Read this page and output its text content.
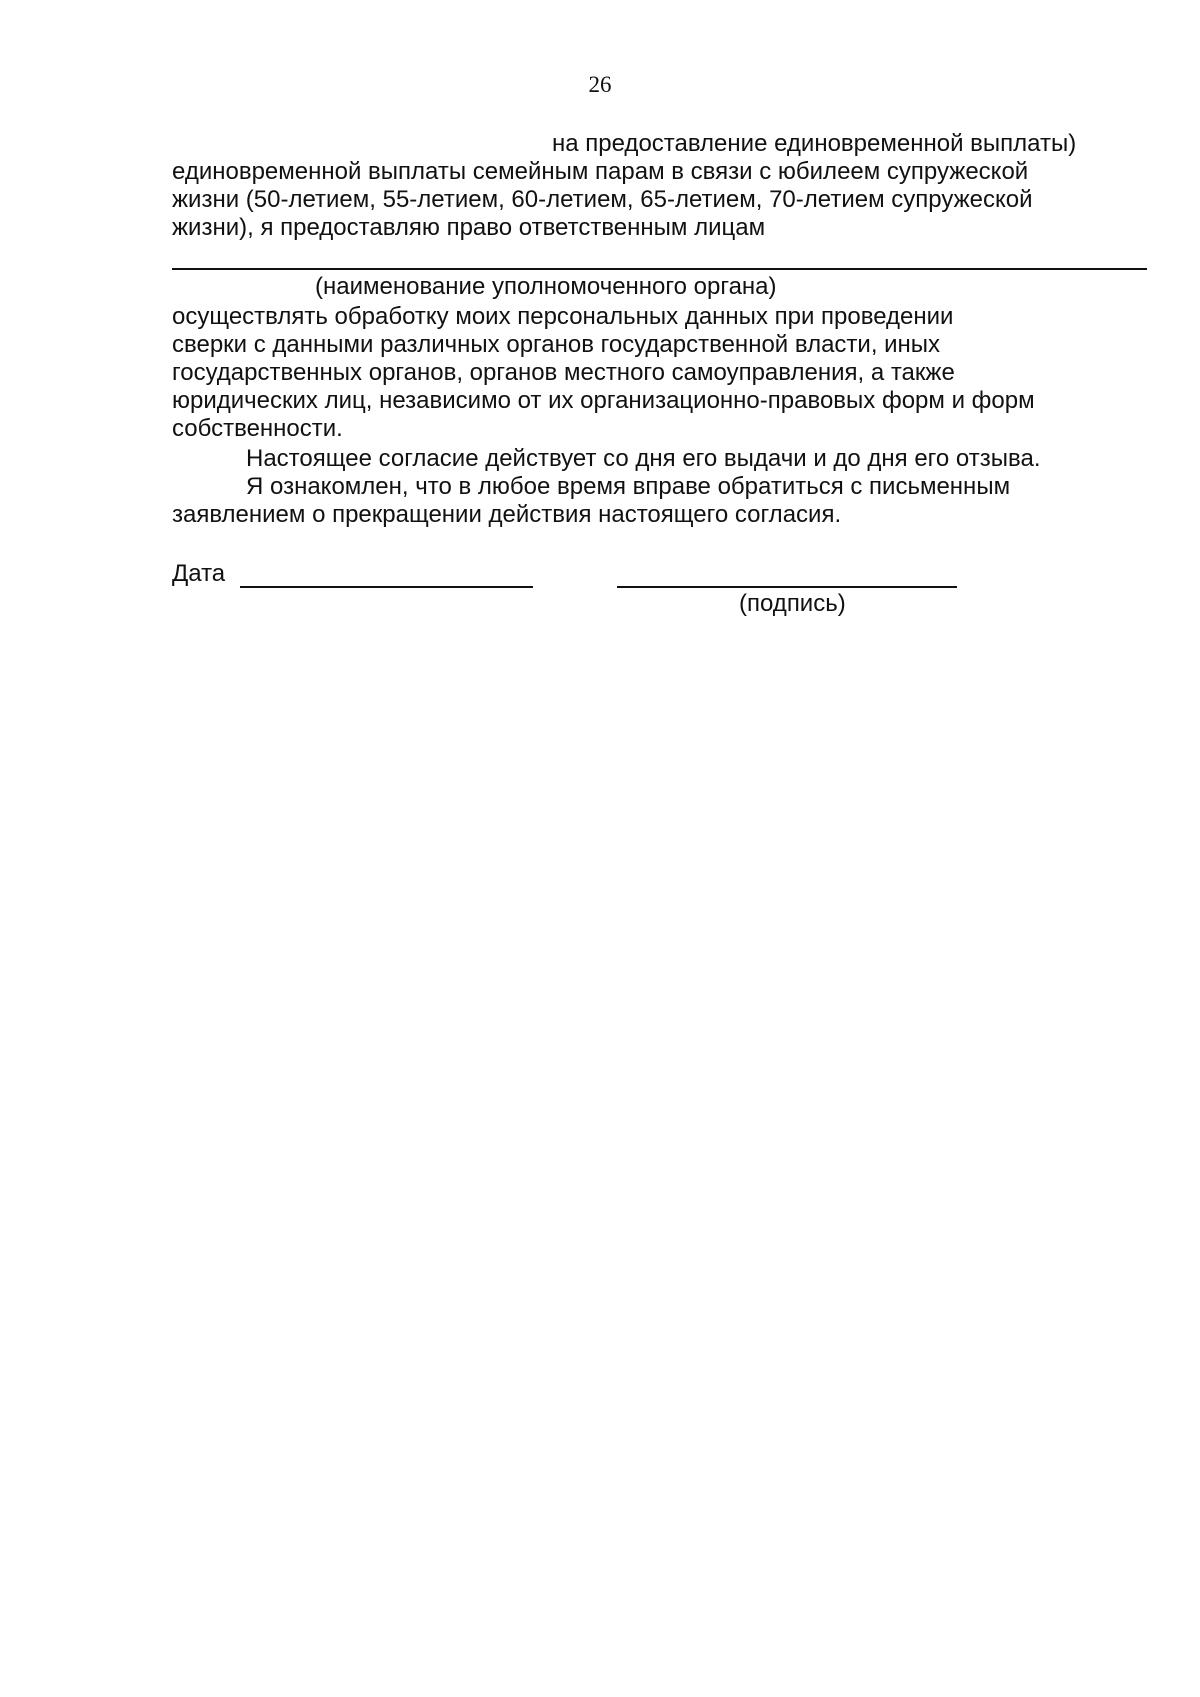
26
на предоставление единовременной выплаты)
единовременной выплаты семейным парам в связи с юбилеем супружеской
жизни (50-летием, 55-летием, 60-летием, 65-летием, 70-летием супружеской
жизни), я предоставляю право ответственным лицам
(наименование уполномоченного органа)
осуществлять обработку моих персональных данных при проведении
сверки с данными различных органов государственной власти, иных
государственных органов, органов местного самоуправления, а также
юридических лиц, независимо от их организационно-правовых форм и форм
собственности.
Настоящее согласие действует со дня его выдачи и до дня его отзыва.
Я ознакомлен, что в любое время вправе обратиться с письменным
заявлением о прекращении действия настоящего согласия.
Дата
(подпись)
